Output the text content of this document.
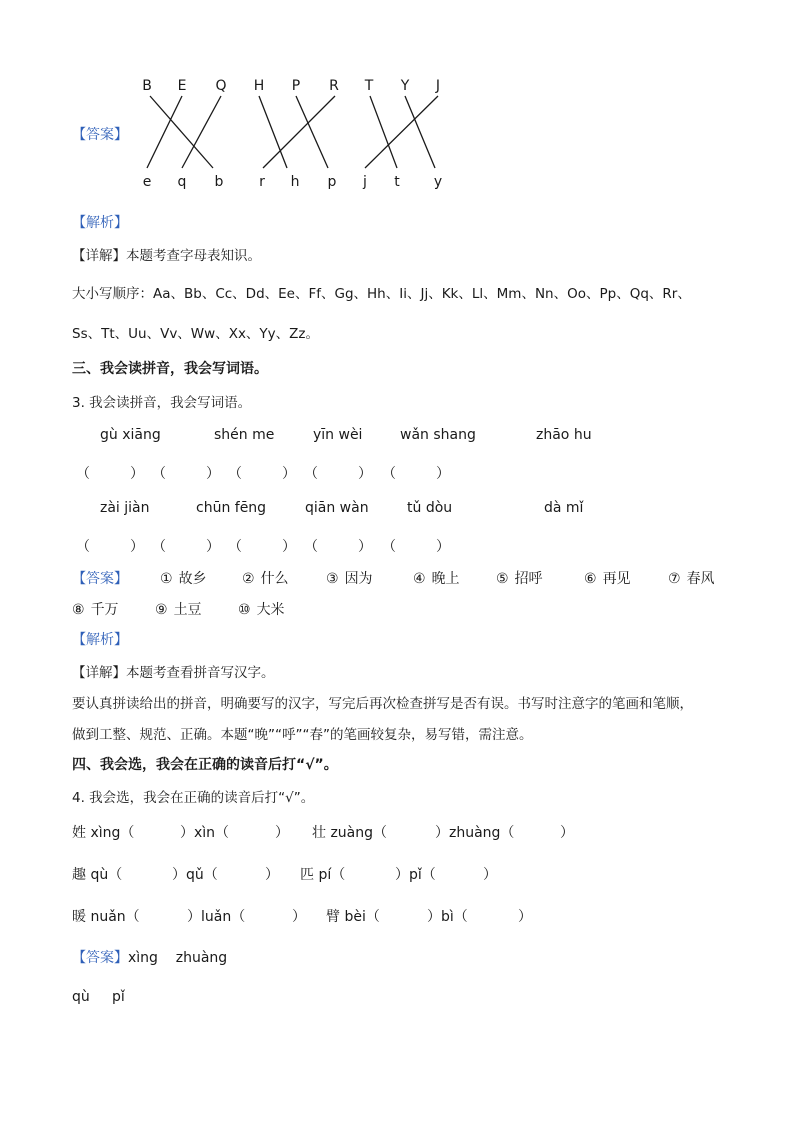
【答案】
B E Q H P R T Y J
e q b	r h p j t y
【解析】
【详解】本题考查字母表知识。
大小写顺序：Aa、Bb、Cc、Dd、Ee、Ff、Gg、Hh、Ii、Jj、Kk、Ll、Mm、Nn、Oo、Pp、Qq、Rr、
Ss、Tt、Uu、Vv、Ww、Xx、Yy、Zz。
三、我会读拼音，我会写词语。
3. 我会读拼音，我会写词语。
gù xiāng	shén me	yīn wèi	wǎn shang	zhāo hu
（	） （	） （	） （	） （	）
zài jiàn	chūn fēng	qiān wàn	tǔ dòu	dà mǐ
（	） （	） （	） （	） （	）
【答案】 ① 故乡	② 什么	③ 因为	④ 晚上	⑤ 招呼	⑥ 再见	⑦ 春风
⑧ 千万	⑨ 土豆	⑩ 大米
【解析】
【详解】本题考查看拼音写汉字。
要认真拼读给出的拼音，明确要写的汉字，写完后再次检查拼写是否有误。书写时注意字的笔画和笔顺，
做到工整、规范、正确。本题“晚”“呼”“春”的笔画较复杂，易写错，需注意。
四、我会选，我会在正确的读音后打“√”。
4. 我会选，我会在正确的读音后打“√”。
姓 xìng（	）xìn（	） 壮 zuàng（	）zhuàng（	）
趣 qù（	）qǔ（	） 匹 pí（	）pǐ（	）
暖 nuǎn（	）luǎn（	） 臂 bèi（	）bì（	）
【答案】xìng    zhuàng
qù     pǐ
